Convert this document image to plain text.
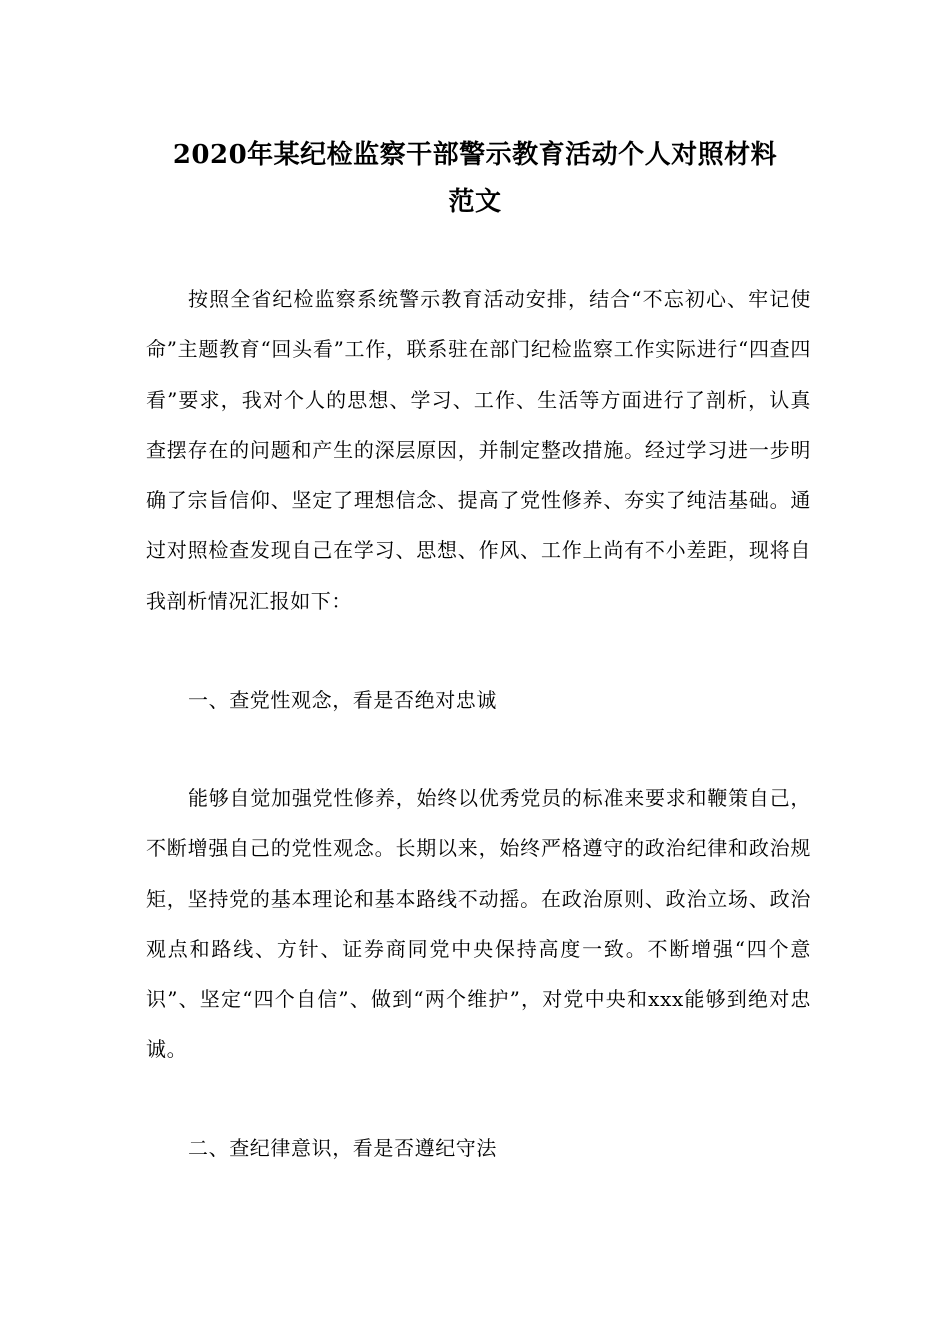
2020年某纪检监察干部警示教育活动个人对照材料
范文

按照全省纪检监察系统警示教育活动安排，结合“不忘初心、牢记使命”主题教育“回头看”工作，联系驻在部门纪检监察工作实际进行“四查四看”要求，我对个人的思想、学习、工作、生活等方面进行了剖析，认真查摆存在的问题和产生的深层原因，并制定整改措施。经过学习进一步明确了宗旨信仰、坚定了理想信念、提高了党性修养、夯实了纯洁基础。通过对照检查发现自己在学习、思想、作风、工作上尚有不小差距，现将自我剖析情况汇报如下：

一、查党性观念，看是否绝对忠诚

能够自觉加强党性修养，始终以优秀党员的标准来要求和鞭策自己，不断增强自己的党性观念。长期以来，始终严格遵守的政治纪律和政治规矩，坚持党的基本理论和基本路线不动摇。在政治原则、政治立场、政治观点和路线、方针、证券商同党中央保持高度一致。不断增强“四个意识”、坚定“四个自信”、做到“两个维护”，对党中央和xxx能够到绝对忠诚。

二、查纪律意识，看是否遵纪守法
